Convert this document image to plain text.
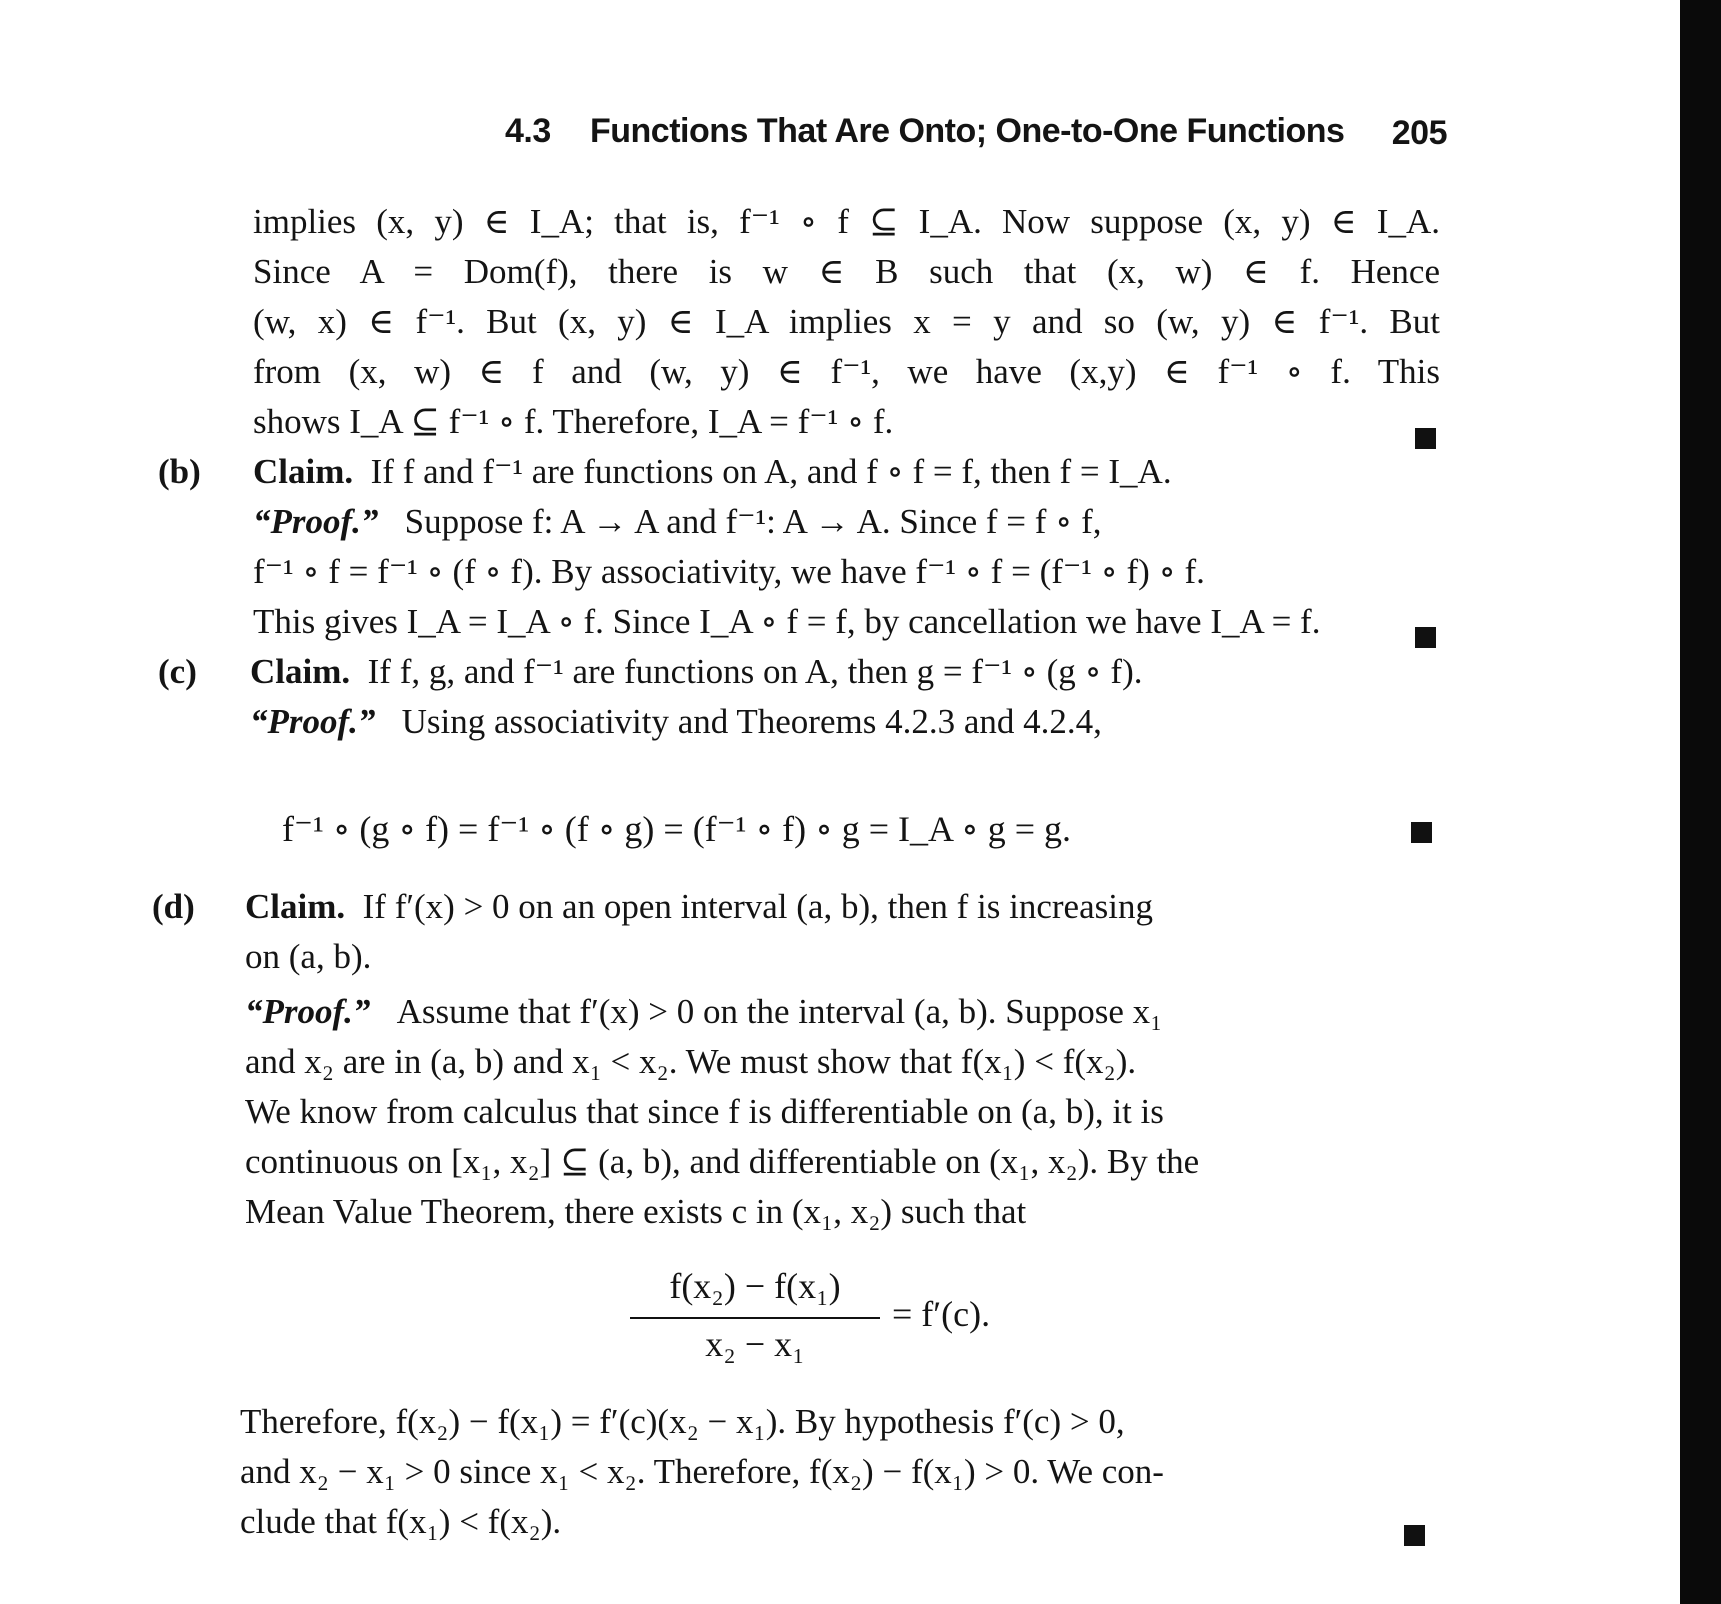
4.3 Functions That Are Onto; One-to-One Functions 205
implies (x, y) ∈ I_A; that is, f⁻¹ ∘ f ⊆ I_A. Now suppose (x, y) ∈ I_A.
Since A = Dom(f), there is w ∈ B such that (x, w) ∈ f. Hence
(w, x) ∈ f⁻¹. But (x, y) ∈ I_A implies x = y and so (w, y) ∈ f⁻¹. But
from (x, w) ∈ f and (w, y) ∈ f⁻¹, we have (x,y) ∈ f⁻¹ ∘ f. This
shows I_A ⊆ f⁻¹ ∘ f. Therefore, I_A = f⁻¹ ∘ f.
(b) Claim. If f and f⁻¹ are functions on A, and f ∘ f = f, then f = I_A.
“Proof.” Suppose f: A → A and f⁻¹: A → A. Since f = f ∘ f,
f⁻¹ ∘ f = f⁻¹ ∘ (f ∘ f). By associativity, we have f⁻¹ ∘ f = (f⁻¹ ∘ f) ∘ f.
This gives I_A = I_A ∘ f. Since I_A ∘ f = f, by cancellation we have I_A = f.
(c) Claim. If f, g, and f⁻¹ are functions on A, then g = f⁻¹ ∘ (g ∘ f).
“Proof.” Using associativity and Theorems 4.2.3 and 4.2.4,
f⁻¹ ∘ (g ∘ f) = f⁻¹ ∘ (f ∘ g) = (f⁻¹ ∘ f) ∘ g = I_A ∘ g = g.
(d) Claim. If f′(x) > 0 on an open interval (a, b), then f is increasing
on (a, b).
“Proof.” Assume that f′(x) > 0 on the interval (a, b). Suppose x₁
and x₂ are in (a, b) and x₁ < x₂. We must show that f(x₁) < f(x₂).
We know from calculus that since f is differentiable on (a, b), it is
continuous on [x₁, x₂] ⊆ (a, b), and differentiable on (x₁, x₂). By the
Mean Value Theorem, there exists c in (x₁, x₂) such that
f(x₂) − f(x₁)
x₂ − x₁
= f′(c).
Therefore, f(x₂) − f(x₁) = f′(c)(x₂ − x₁). By hypothesis f′(c) > 0,
and x₂ − x₁ > 0 since x₁ < x₂. Therefore, f(x₂) − f(x₁) > 0. We con-
clude that f(x₁) < f(x₂).
